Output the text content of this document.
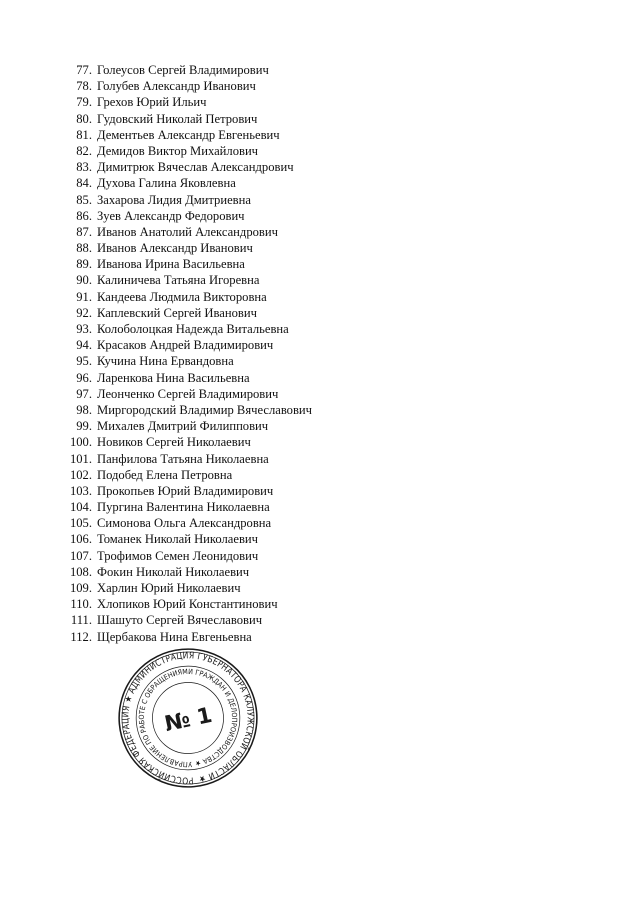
77. Голеусов Сергей Владимирович
78. Голубев Александр Иванович
79. Грехов Юрий Ильич
80. Гудовский Николай Петрович
81. Дементьев Александр Евгеньевич
82. Демидов Виктор Михайлович
83. Димитрюк Вячеслав Александрович
84. Духова Галина Яковлевна
85. Захарова Лидия Дмитриевна
86. Зуев Александр Федорович
87. Иванов Анатолий Александрович
88. Иванов Александр Иванович
89. Иванова Ирина Васильевна
90. Калиничева Татьяна Игоревна
91. Кандеева Людмила Викторовна
92. Каплевский Сергей Иванович
93. Колоболоцкая Надежда Витальевна
94. Красаков Андрей Владимирович
95. Кучина Нина Ервандовна
96. Ларенкова Нина Васильевна
97. Леонченко Сергей Владимирович
98. Миргородский Владимир Вячеславович
99. Михалев Дмитрий Филиппович
100. Новиков Сергей Николаевич
101. Панфилова Татьяна Николаевна
102. Подобед Елена Петровна
103. Прокопьев Юрий Владимирович
104. Пургина Валентина Николаевна
105. Симонова Ольга Александровна
106. Томанек Николай Николаевич
107. Трофимов Семен Леонидович
108. Фокин Николай Николаевич
109. Харлин Юрий Николаевич
110. Хлопиков Юрий Константинович
111. Шашуто Сергей Вячеславович
112. Щербакова Нина Евгеньевна
РОССИЙСКАЯ ФЕДЕРАЦИЯ ★ АДМИНИСТРАЦИЯ ГУБЕРНАТОРА КАЛУЖСКОЙ ОБЛАСТИ ★
УПРАВЛЕНИЕ ПО РАБОТЕ С ОБРАЩЕНИЯМИ ГРАЖДАН И ДЕЛОПРОИЗВОДСТВА ★
№ 1
